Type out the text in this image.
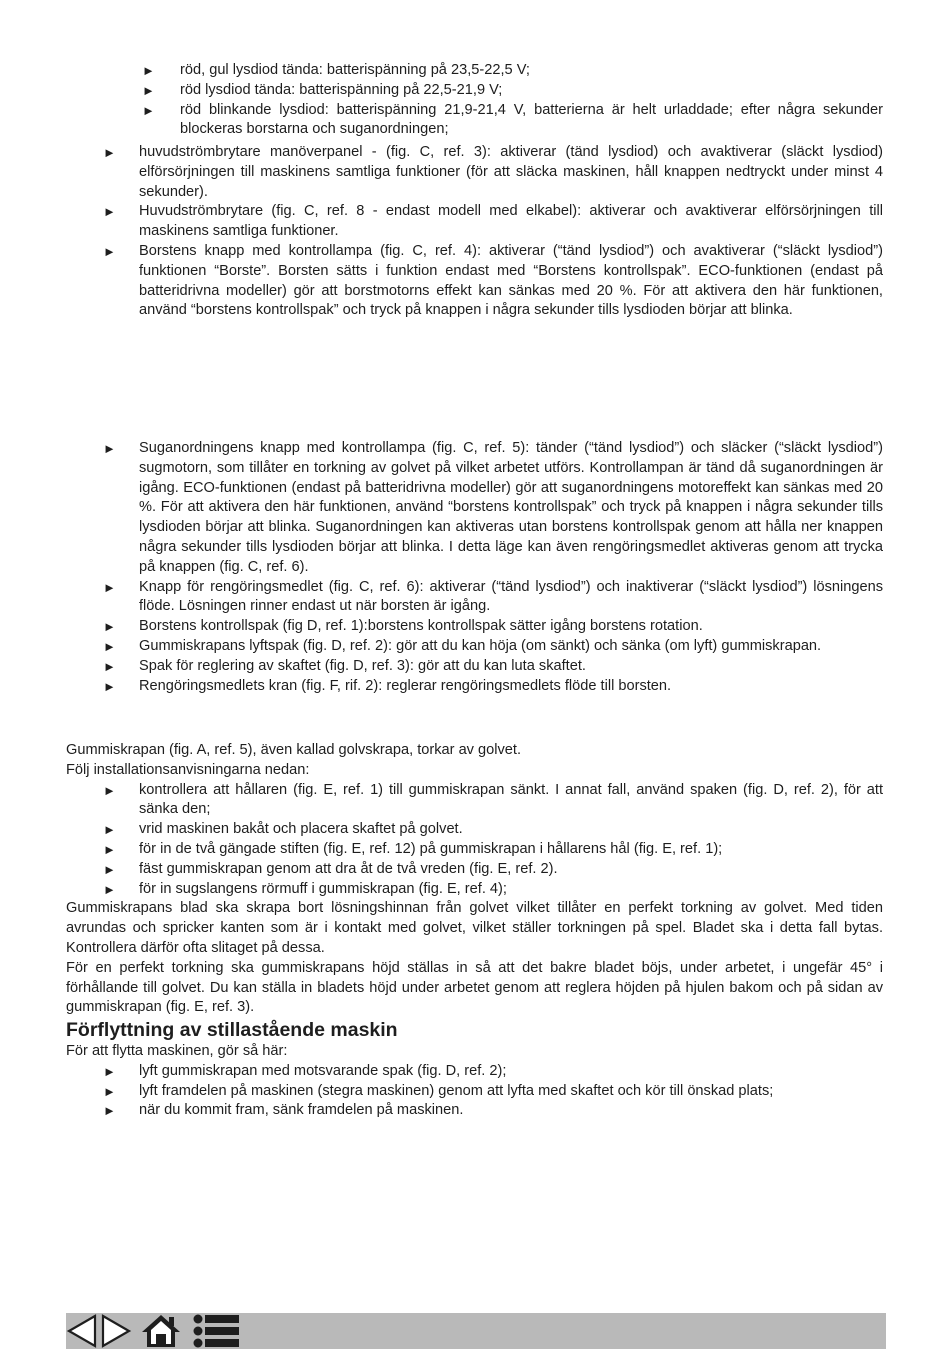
► röd, gul lysdiod tända: batterispänning på 23,5-22,5 V;
► röd lysdiod tända: batterispänning på 22,5-21,9 V;
► röd blinkande lysdiod: batterispänning 21,9-21,4 V, batterierna är helt urladdade; efter några sekunder blockeras borstarna och suganordningen;
► huvudströmbrytare manöverpanel - (fig. C, ref. 3): aktiverar (tänd lysdiod) och avaktiverar (släckt lysdiod) elförsörjningen till maskinens samtliga funktioner (för att släcka maskinen, håll knappen nedtryckt under minst 4 sekunder).
► Huvudströmbrytare (fig. C, ref. 8 - endast modell med elkabel): aktiverar och avaktiverar elförsörjningen till maskinens samtliga funktioner.
► Borstens knapp med kontrollampa (fig. C, ref. 4): aktiverar (“tänd lysdiod”) och avaktiverar (“släckt lysdiod”) funktionen “Borste”. Borsten sätts i funktion endast med “Borstens kontrollspak”. ECO-funktionen (endast på batteridrivna modeller) gör att borstmotorns effekt kan sänkas med 20 %. För att aktivera den här funktionen, använd “borstens kontrollspak” och tryck på knappen i några sekunder tills lysdioden börjar att blinka.
► Suganordningens knapp med kontrollampa (fig. C, ref. 5): tänder (“tänd lysdiod”) och släcker (“släckt lysdiod”) sugmotorn, som tillåter en torkning av golvet på vilket arbetet utförs. Kontrollampan är tänd då suganordningen är igång. ECO-funktionen (endast på batteridrivna modeller) gör att suganordningens motoreffekt kan sänkas med 20 %. För att aktivera den här funktionen, använd “borstens kontrollspak” och tryck på knappen i några sekunder tills lysdioden börjar att blinka. Suganordningen kan aktiveras utan borstens kontrollspak genom att hålla ner knappen några sekunder tills lysdioden börjar att blinka. I detta läge kan även rengöringsmedlet aktiveras genom att trycka på knappen (fig. C, ref. 6).
► Knapp för rengöringsmedlet (fig. C, ref. 6): aktiverar (“tänd lysdiod”) och inaktiverar (“släckt lysdiod”) lösningens flöde. Lösningen rinner endast ut när borsten är igång.
► Borstens kontrollspak (fig D, ref. 1):borstens kontrollspak sätter igång borstens rotation.
► Gummiskrapans lyftspak (fig. D, ref. 2): gör att du kan höja (om sänkt) och sänka (om lyft) gummiskrapan.
► Spak för reglering av skaftet (fig. D, ref. 3): gör att du kan luta skaftet.
► Rengöringsmedlets kran (fig. F, rif. 2): reglerar rengöringsmedlets flöde till borsten.

Gummiskrapan (fig. A, ref. 5), även kallad golvskrapa, torkar av golvet.

Följ installationsanvisningarna nedan:

► kontrollera att hållaren (fig. E, ref. 1) till gummiskrapan sänkt. I annat fall, använd spaken (fig. D, ref. 2), för att sänka den;
► vrid maskinen bakåt och placera skaftet på golvet.
► för in de två gängade stiften (fig. E, ref. 12) på gummiskrapan i hållarens hål (fig. E, ref. 1);
► fäst gummiskrapan genom att dra åt de två vreden (fig. E, ref. 2).
► för in sugslangens rörmuff i gummiskrapan (fig. E, ref. 4);

Gummiskrapans blad ska skrapa bort lösningshinnan från golvet vilket tillåter en perfekt torkning av golvet. Med tiden avrundas och spricker kanten som är i kontakt med golvet, vilket ställer torkningen på spel. Bladet ska i detta fall bytas. Kontrollera därför ofta slitaget på dessa.

För en perfekt torkning ska gummiskrapans höjd ställas in så att det bakre bladet böjs, under arbetet, i ungefär 45° i förhållande till golvet. Du kan ställa in bladets höjd under arbetet genom att reglera höjden på hjulen bakom och på sidan av gummiskrapan (fig. E, ref. 3).

Förflyttning av stillastående maskin

För att flytta maskinen, gör så här:

► lyft gummiskrapan med motsvarande spak (fig. D, ref. 2);
► lyft framdelen på maskinen (stegra maskinen) genom att lyfta med skaftet och kör till önskad plats;
► när du kommit fram, sänk framdelen på maskinen.
